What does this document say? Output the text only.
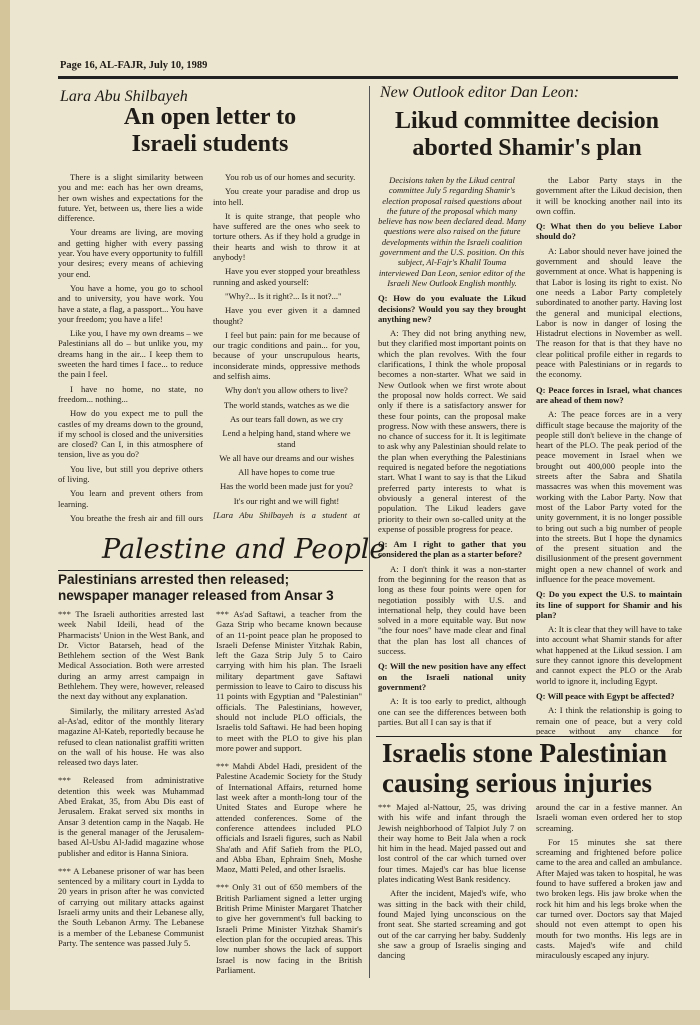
Page 16, AL-FAJR, July 10, 1989
Lara Abu Shilbayeh
An open letter to
Israeli students

There is a slight similarity between you and me: each has her own dreams, her own wishes and expectations for the future. Yet, between us, there lies a wide difference.

Your dreams are living, are moving and getting higher with every passing year. You have every opportunity to fulfill your desires; every means of achieving your end.

You have a home, you go to school and to university, you have work. You have a state, a flag, a passport... You have your freedom; you have a life!

Like you, I have my own dreams – we Palestinians all do – but unlike you, my dreams hang in the air... I keep them to sweeten the hard times I face... to reduce the pain I feel.

I have no home, no state, no freedom... nothing...

How do you expect me to pull the castles of my dreams down to the ground, if my school is closed and the universities are closed? Can I, in this atmosphere of tension, live as you do?

You live, but still you deprive others of living.

You learn and prevent others from learning.

You breathe the fresh air and fill ours

You rob us of our homes and security.

You create your paradise and drop us into hell.

It is quite strange, that people who have suffered are the ones who seek to torture others. As if they hold a grudge in their hearts and wish to throw it at anybody!

Have you ever stopped your breathless running and asked yourself:

"Why?... Is it right?... Is it not?..."

Have you ever given it a damned thought?

I feel but pain: pain for me because of our tragic conditions and pain... for you, because of your unscrupulous hearts, inconsiderate minds, oppressive methods and selfish aims.

Why don't you allow others to live?

The world stands, watches as we die

As our tears fall down, as we cry

Lend a helping hand, stand where we stand

We all have our dreams and our wishes

All have hopes to come true

Has the world been made just for you?

It's our right and we will fight!

[Lara Abu Shilbayeh is a student at

New Outlook editor Dan Leon:
Likud committee decision
aborted Shamir's plan

Decisions taken by the Likud central committee July 5 regarding Shamir's election proposal raised questions about the future of the proposal which many believe has now been declared dead. Many questions were also raised on the future developments within the Israeli coalition government and the U.S. position. On this subject, Al-Fajr's Khalil Touma interviewed Dan Leon, senior editor of the Israeli New Outlook English monthly.

Q: How do you evaluate the Likud decisions? Would you say they brought anything new?

A: They did not bring anything new, but they clarified most important points on which the plan revolves. With the four clarifications, I think the whole proposal becomes a non-starter. What we said in New Outlook when we first wrote about the proposal now holds correct. We said only if there is a satisfactory answer for these four points, can the proposal make progress. Now with these answers, there is no chance of success for it. It is legitimate to ask why any Palestinian should relate to the plan when everything the Palestinians required is negated before the negotiations start. What I want to say is that the Likud preferred party interests to what is obviously a general interest of the population. The Likud leaders gave priority to their own so-called unity at the expense of possible progress for peace.

Q: Am I right to gather that you considered the plan as a starter before?

A: I don't think it was a non-starter from the beginning for the reason that as long as these four points were open for negotiation possibly with U.S. and international help, they could have been solved in a more equitable way. But now "the four noes" have made clear and final that the plan has lost all chances of success.

Q: Will the new position have any effect on the Israeli national unity government?

A: It is too early to predict, although one can see the differences between both parties. But all I can say is that if

the Labor Party stays in the government after the Likud decision, then it will be knocking another nail into its own coffin.

Q: What then do you believe Labor should do?

A: Labor should never have joined the government and should leave the government at once. What is happening is that Labor is losing its right to exist. No one needs a Labor Party completely subordinated to another party. Having lost the general and municipal elections, Labor is now in danger of losing the Histadrut elections in November as well. The reason for that is that they have no clear political profile either in regards to peace with Palestinians or in regards to the economy.

Q: Peace forces in Israel, what chances are ahead of them now?

A: The peace forces are in a very difficult stage because the majority of the people still don't believe in the change of heart of the PLO. The peak period of the peace movement in Israel when we brought out 400,000 people into the streets after the Sabra and Shatila massacres was when this movement was working with the Labor Party. Now that most of the Labor Party voted for the unity government, it is no longer possible to bring out such a big number of people into the streets. But I hope the dynamics of the present situation and the disillusionment of the present government might open a new channel of work and influence for the peace movement.

Q: Do you expect the U.S. to maintain its line of support for Shamir and his plan?

A: It is clear that they will have to take into account what Shamir stands for after what happened at the Likud session. I am sure they cannot ignore this development and cannot expect the PLO or the Arab world to ignore it, including Egypt.

Q: Will peace with Egypt be affected?

A: I think the relationship is going to remain one of peace, but a very cold peace without any chance for

Palestine and People
Palestinians arrested then released;
newspaper manager released from Ansar 3

*** The Israeli authorities arrested last week Nabil Ideili, head of the Pharmacists' Union in the West Bank, and Dr. Victor Batarseh, head of the Bethlehem section of the West Bank Medical Association. Both were arrested during an army arrest campaign in Bethlehem. They were, however, released the next day without any explanation.

Similarly, the military arrested As'ad al-As'ad, editor of the monthly literary magazine Al-Kateb, reportedly because he refused to clean nationalist graffiti written on the wall of his house. He was also released two days later.

*** Released from administrative detention this week was Muhammad Abed Erakat, 35, from Abu Dis east of Jerusalem. Erakat served six months in Ansar 3 detention camp in the Naqab. He is the general manager of the Jerusalem-based Al-Usbu Al-Jadid magazine whose publisher and editor is Hanna Siniora.

*** A Lebanese prisoner of war has been sentenced by a military court in Lydda to 20 years in prison after he was convicted of carrying out military attacks against Israeli army units and their Lebanese ally, the South Lebanon Army. The Lebanese is a member of the Lebanese Communist Party. The sentence was passed July 5.

*** As'ad Saftawi, a teacher from the Gaza Strip who became known because of an 11-point peace plan he proposed to Israeli Defense Minister Yitzhak Rabin, left the Gaza Strip July 5 to Cairo carrying with him his plan. The Israeli military department gave Saftawi permission to leave to Cairo to discuss his 11 points with Egyptian and "Palestinian" officials. The Palestinians, however, should not include PLO officials, the Israelis told Saftawi. He had been hoping to meet with the PLO to give his plan more power and support.

*** Mahdi Abdel Hadi, president of the Palestine Academic Society for the Study of International Affairs, returned home last week after a month-long tour of the United States and Europe where he attended conferences. Some of the conference attendees included PLO officials and Israeli figures, such as Nabil Sha'ath and Afif Safieh from the PLO, and Abba Eban, Ephraim Sneh, Moshe Maoz, Matti Peled, and other Israelis.

*** Only 31 out of 650 members of the British Parliament signed a letter urging British Prime Minister Margaret Thatcher to give her government's full backing to Israeli Prime Minister Yitzhak Shamir's election plan for the occupied areas. This low number shows the lack of support Israel is now facing in the British Parliament.

Israelis stone Palestinian
causing serious injuries

*** Majed al-Nattour, 25, was driving with his wife and infant through the Jewish neighborhood of Talpiot July 7 on their way home to Beit Jala when a rock hit him in the head. Majed passed out and lost control of the car which turned over four times. Majed's car has blue license plates indicating West Bank residency.

After the incident, Majed's wife, who was sitting in the back with their child, found Majed lying unconscious on the front seat. She started screaming and got out of the car carrying her baby. Suddenly she saw a group of Israelis singing and dancing

around the car in a festive manner. An Israeli woman even ordered her to stop screaming.

For 15 minutes she sat there screaming and frightened before police came to the area and called an ambulance. After Majed was taken to hospital, he was found to have suffered a broken jaw and two broken legs. His jaw broke when the rock hit him and his legs broke when the car turned over. Doctors say that Majed should not even attempt to open his mouth for two months. His legs are in casts. Majed's wife and child miraculously escaped any injury.
